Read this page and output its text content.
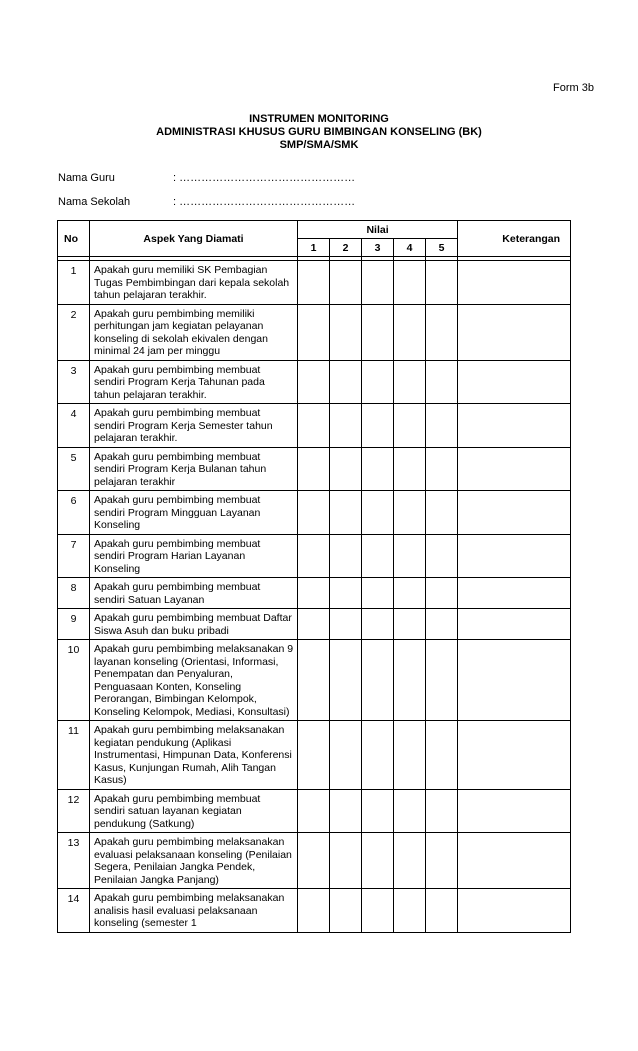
Form 3b
INSTRUMEN MONITORING
ADMINISTRASI KHUSUS GURU BIMBINGAN KONSELING (BK)
SMP/SMA/SMK
Nama Guru	: …………………………………………
Nama Sekolah	: …………………………………………
No	Aspek Yang Diamati	Nilai					Keterangan
		1	2	3	4	5	

1	Apakah guru memiliki SK Pembagian Tugas Pembimbingan dari kepala sekolah tahun pelajaran terakhir.						
2	Apakah guru pembimbing memiliki perhitungan jam kegiatan pelayanan konseling di sekolah ekivalen dengan minimal 24 jam per minggu						
3	Apakah guru pembimbing membuat sendiri Program Kerja Tahunan pada tahun pelajaran terakhir.						
4	Apakah guru pembimbing membuat sendiri Program Kerja Semester tahun pelajaran terakhir.						
5	Apakah guru pembimbing membuat sendiri Program Kerja Bulanan tahun pelajaran terakhir						
6	Apakah guru pembimbing membuat sendiri Program Mingguan Layanan Konseling						
7	Apakah guru pembimbing membuat sendiri Program Harian Layanan Konseling						
8	Apakah guru pembimbing membuat sendiri Satuan Layanan						
9	Apakah guru pembimbing membuat Daftar Siswa Asuh dan buku pribadi						
10	Apakah guru pembimbing melaksanakan 9 layanan konseling (Orientasi, Informasi, Penempatan dan Penyaluran, Penguasaan Konten, Konseling Perorangan, Bimbingan Kelompok, Konseling Kelompok, Mediasi, Konsultasi)						
11	Apakah guru pembimbing melaksanakan kegiatan pendukung (Aplikasi Instrumentasi, Himpunan Data, Konferensi Kasus, Kunjungan Rumah, Alih Tangan Kasus)						
12	Apakah guru pembimbing membuat sendiri satuan layanan kegiatan pendukung (Satkung)						
13	Apakah guru pembimbing melaksanakan evaluasi pelaksanaan konseling (Penilaian Segera, Penilaian Jangka Pendek, Penilaian Jangka Panjang)						
14	Apakah guru pembimbing melaksanakan analisis hasil evaluasi pelaksanaan konseling (semester 1						
